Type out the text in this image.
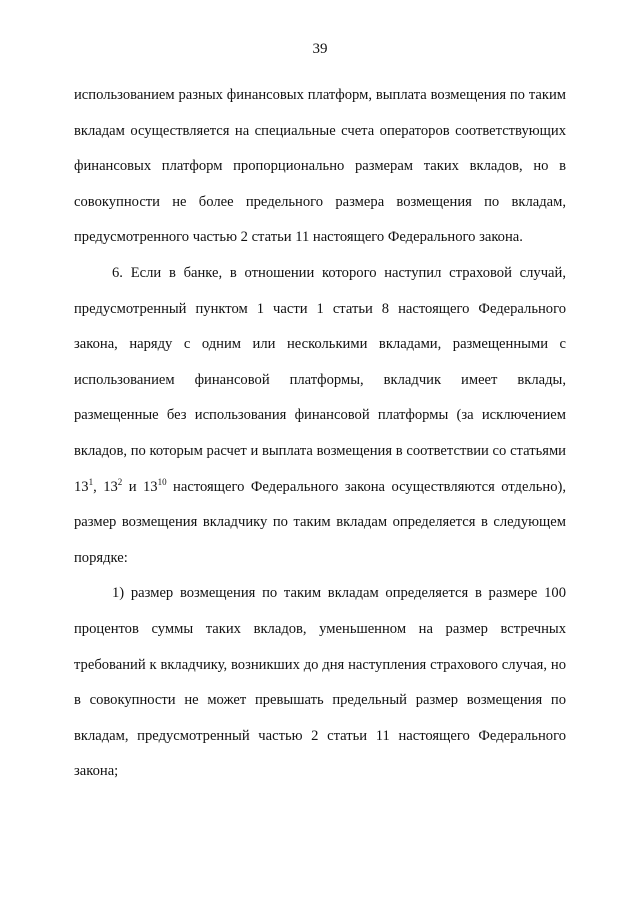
39

использованием разных финансовых платформ, выплата возмещения по таким вкладам осуществляется на специальные счета операторов соответствующих финансовых платформ пропорционально размерам таких вкладов, но в совокупности не более предельного размера возмещения по вкладам, предусмотренного частью 2 статьи 11 настоящего Федерального закона.

6. Если в банке, в отношении которого наступил страховой случай, предусмотренный пунктом 1 части 1 статьи 8 настоящего Федерального закона, наряду с одним или несколькими вкладами, размещенными с использованием финансовой платформы, вкладчик имеет вклады, размещенные без использования финансовой платформы (за исключением вкладов, по которым расчет и выплата возмещения в соответствии со статьями $13^1$, $13^2$ и $13^{10}$ настоящего Федерального закона осуществляются отдельно), размер возмещения вкладчику по таким вкладам определяется в следующем порядке:

1) размер возмещения по таким вкладам определяется в размере 100 процентов суммы таких вкладов, уменьшенном на размер встречных требований к вкладчику, возникших до дня наступления страхового случая, но в совокупности не может превышать предельный размер возмещения по вкладам, предусмотренный частью 2 статьи 11 настоящего Федерального закона;
